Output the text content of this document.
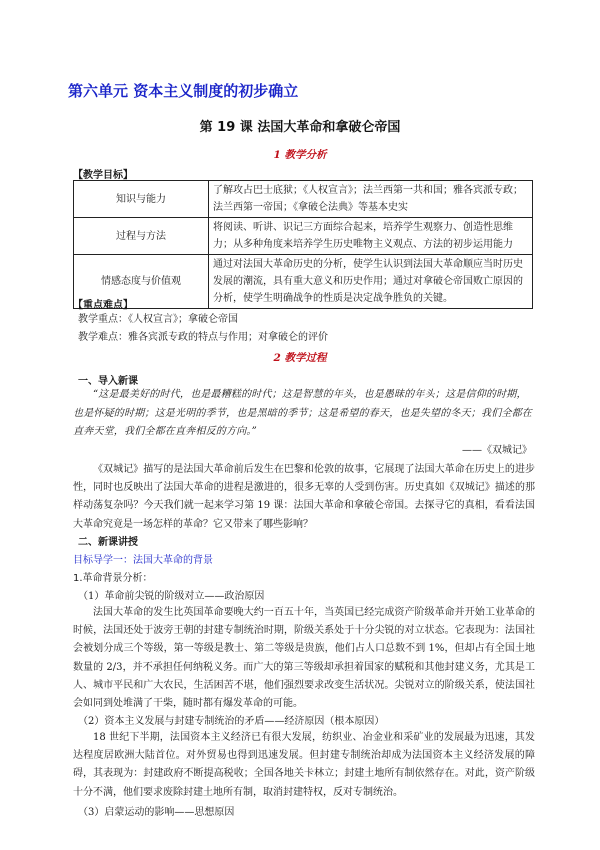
第六单元 资本主义制度的初步确立
第 19 课 法国大革命和拿破仑帝国

1 教学分析

【教学目标】

知识与能力	了解攻占巴士底狱；《人权宣言》；法兰西第一共和国；雅各宾派专政；法兰西第一帝国；《拿破仑法典》等基本史实
过程与方法	将阅读、听讲、识记三方面综合起来，培养学生观察力、创造性思维力；从多种角度来培养学生历史唯物主义观点、方法的初步运用能力
情感态度与价值观	通过对法国大革命历史的分析，使学生认识到法国大革命顺应当时历史发展的潮流，具有重大意义和历史作用；通过对拿破仑帝国败亡原因的分析，使学生明确战争的性质是决定战争胜负的关键。

【重点难点】

教学重点：《人权宣言》；拿破仑帝国

教学难点：雅各宾派专政的特点与作用；对拿破仑的评价

2 教学过程

一、导入新课

“这是最美好的时代，也是最糟糕的时代；这是智慧的年头，也是愚昧的年头；这是信仰的时期，也是怀疑的时期；这是光明的季节，也是黑暗的季节；这是希望的春天，也是失望的冬天；我们全都在直奔天堂，我们全都在直奔相反的方向。”

——《双城记》

《双城记》描写的是法国大革命前后发生在巴黎和伦敦的故事，它展现了法国大革命在历史上的进步性，同时也反映出了法国大革命的进程是激进的，很多无辜的人受到伤害。历史真如《双城记》描述的那样动荡复杂吗？今天我们就一起来学习第 19 课：法国大革命和拿破仑帝国。去探寻它的真相，看看法国大革命究竟是一场怎样的革命？它又带来了哪些影响？

二、新课讲授

目标导学一：法国大革命的背景

1.革命背景分析：

（1）革命前尖锐的阶级对立——政治原因

法国大革命的发生比英国革命要晚大约一百五十年，当英国已经完成资产阶级革命并开始工业革命的时候，法国还处于波旁王朝的封建专制统治时期，阶级关系处于十分尖锐的对立状态。它表现为：法国社会被划分成三个等级，第一等级是教士、第二等级是贵族，他们占人口总数不到 1%，但却占有全国土地数量的 2/3，并不承担任何纳税义务。而广大的第三等级却承担着国家的赋税和其他封建义务，尤其是工人、城市平民和广大农民，生活困苦不堪，他们强烈要求改变生活状况。尖锐对立的阶级关系，使法国社会如同到处堆满了干柴，随时都有爆发革命的可能。

（2）资本主义发展与封建专制统治的矛盾——经济原因（根本原因）

18 世纪下半期，法国资本主义经济已有很大发展，纺织业、冶金业和采矿业的发展最为迅速，其发达程度居欧洲大陆首位。对外贸易也得到迅速发展。但封建专制统治却成为法国资本主义经济发展的障碍，其表现为：封建政府不断提高税收；全国各地关卡林立；封建土地所有制依然存在。对此，资产阶级十分不满，他们要求废除封建土地所有制，取消封建特权，反对专制统治。

（3）启蒙运动的影响——思想原因
